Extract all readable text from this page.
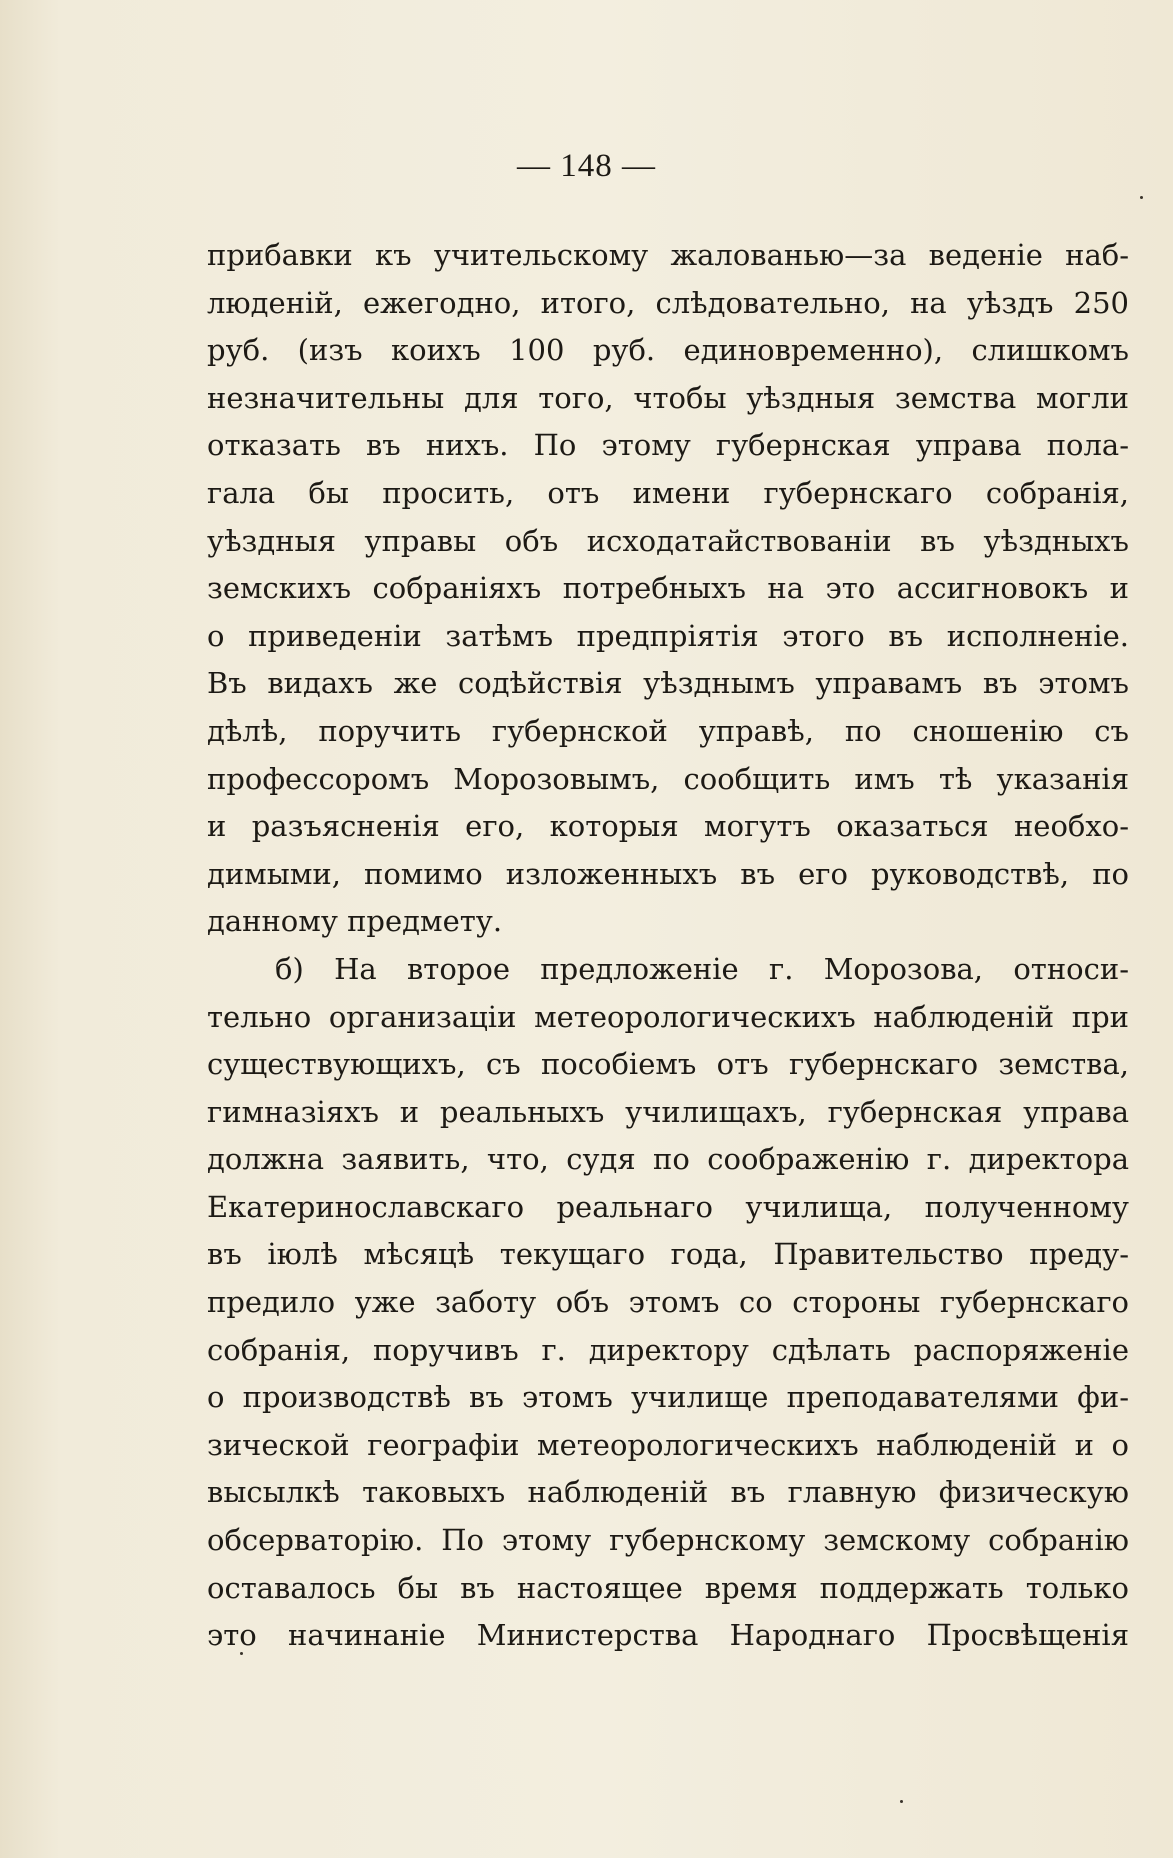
— 148 —
прибавки къ учительскому жалованью—за веденіе наб-
люденій, ежегодно, итого, слѣдовательно, на уѣздъ 250
руб. (изъ коихъ 100 руб. единовременно), слишкомъ
незначительны для того, чтобы уѣздныя земства могли
отказать въ нихъ. По этому губернская управа пола-
гала бы просить, отъ имени губернскаго собранія,
уѣздныя управы объ исходатайствованіи въ уѣздныхъ
земскихъ собраніяхъ потребныхъ на это ассигновокъ и
о приведеніи затѣмъ предпріятія этого въ исполненіе.
Въ видахъ же содѣйствія уѣзднымъ управамъ въ этомъ
дѣлѣ, поручить губернской управѣ, по сношенію съ
профессоромъ Морозовымъ, сообщить имъ тѣ указанія
и разъясненія его, которыя могутъ оказаться необхо-
димыми, помимо изложенныхъ въ его руководствѣ, по
данному предмету.
б) На второе предложеніе г. Морозова, относи-
тельно организаціи метеорологическихъ наблюденій при
существующихъ, съ пособіемъ отъ губернскаго земства,
гимназіяхъ и реальныхъ училищахъ, губернская управа
должна заявить, что, судя по соображенію г. директора
Екатеринославскаго реальнаго училища, полученному
въ іюлѣ мѣсяцѣ текущаго года, Правительство преду-
предило уже заботу объ этомъ со стороны губернскаго
собранія, поручивъ г. директору сдѣлать распоряженіе
о производствѣ въ этомъ училище преподавателями фи-
зической географіи метеорологическихъ наблюденій и о
высылкѣ таковыхъ наблюденій въ главную физическую
обсерваторію. По этому губернскому земскому собранію
оставалось бы въ настоящее время поддержать только
это начинаніе Министерства Народнаго Просвѣщенія
